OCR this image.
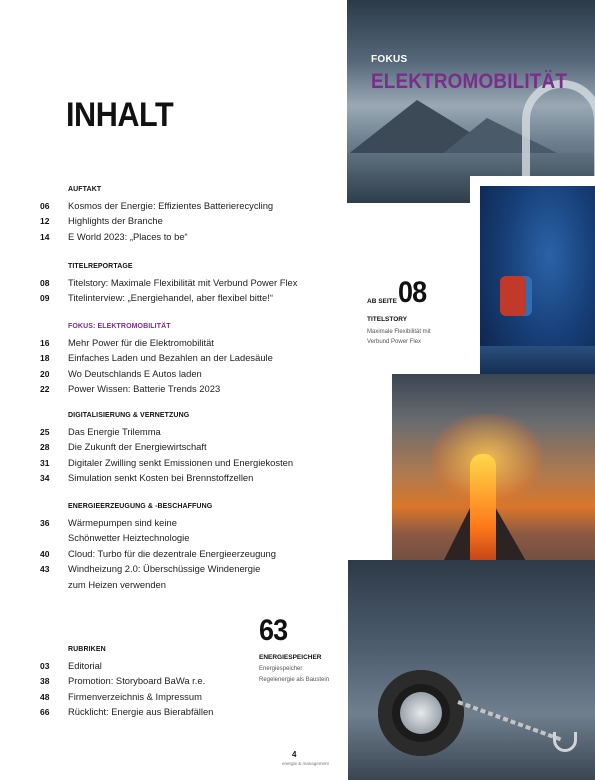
INHALT
AUFTAKT
06	Kosmos der Energie: Effizientes Batterierecycling
12	Highlights der Branche
14	E World 2023: „Places to be“
TITELREPORTAGE
08	Titelstory: Maximale Flexibilität mit Verbund Power Flex
09	Titelinterview: „Energiehandel, aber flexibel bitte!“
FOKUS: ELEKTROMOBILITÄT
16	Mehr Power für die Elektromobilität
18	Einfaches Laden und Bezahlen an der Ladesäule
20	Wo Deutschlands E Autos laden
22	Power Wissen: Batterie Trends 2023
DIGITALISIERUNG & VERNETZUNG
25	Das Energie Trilemma
28	Die Zukunft der Energiewirtschaft
31	Digitaler Zwilling senkt Emissionen und Energiekosten
34	Simulation senkt Kosten bei Brennstoffzellen
ENERGIEERZEUGUNG & -BESCHAFFUNG
36	Wärmepumpen sind keine
Schönwetter Heiztechnologie
40	Cloud: Turbo für die dezentrale Energieerzeugung
43	Windheizung 2.0: Überschüssige Windenergie
zum Heizen verwenden
RUBRIKEN
03	Editorial
38	Promotion: Storyboard BaWa r.e.
48	Firmenverzeichnis & Impressum
66	Rücklicht: Energie aus Bierabfällen
FOKUS
ELEKTROMOBILITÄT
AB SEITE 08
TITELSTORY
Maximale Flexibilität mit
Verbund Power Flex
63
ENERGIESPEICHER
Energiespeicher
Regelenergie als Baustein
4
energie & management
